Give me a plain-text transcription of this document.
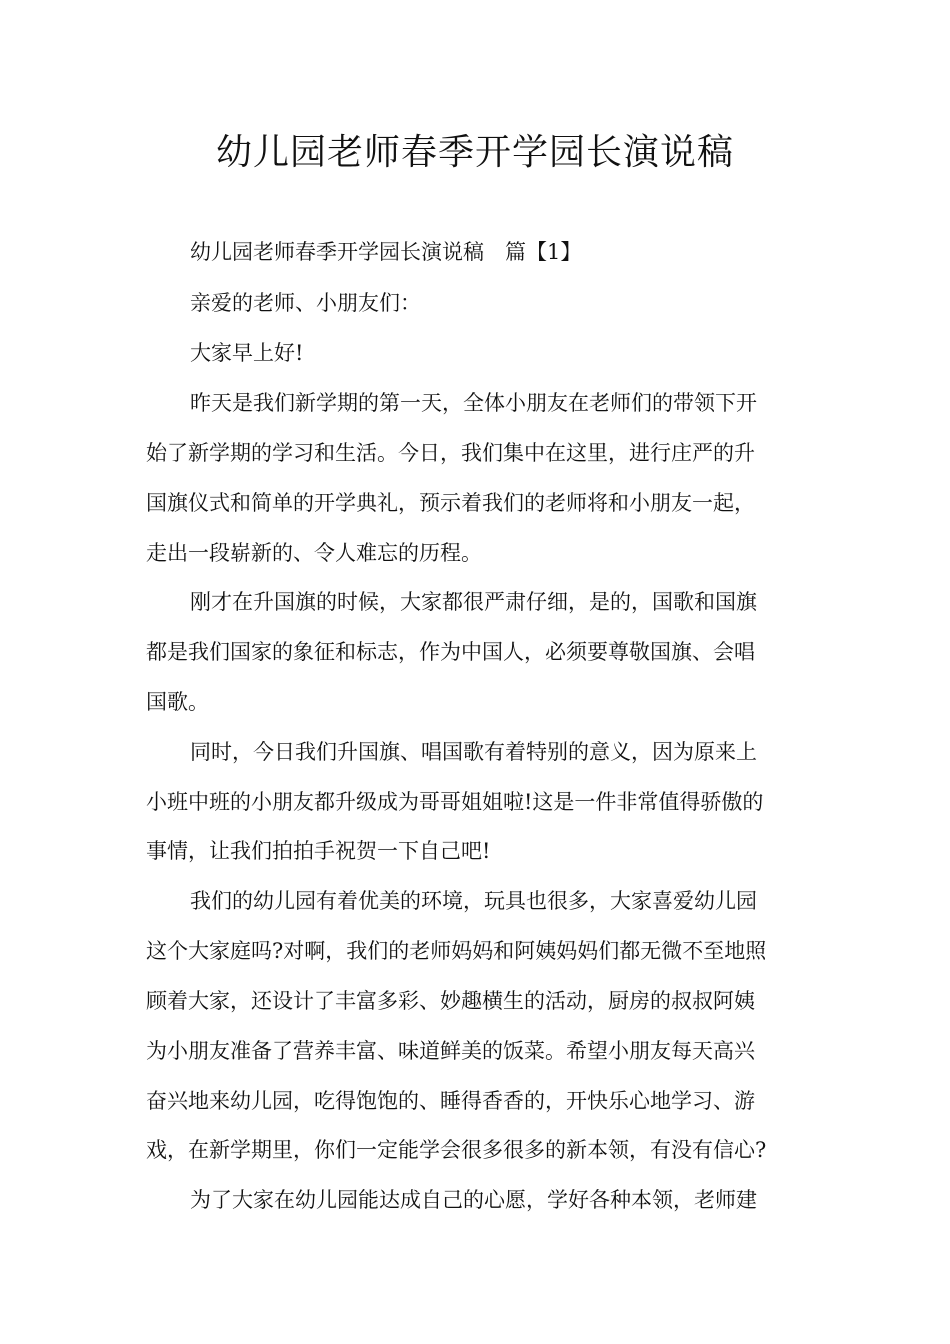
幼儿园老师春季开学园长演说稿

幼儿园老师春季开学园长演说稿　篇【1】

亲爱的老师、小朋友们：

大家早上好!

昨天是我们新学期的第一天，全体小朋友在老师们的带领下开

始了新学期的学习和生活。今日，我们集中在这里，进行庄严的升

国旗仪式和简单的开学典礼，预示着我们的老师将和小朋友一起，

走出一段崭新的、令人难忘的历程。

刚才在升国旗的时候，大家都很严肃仔细，是的，国歌和国旗

都是我们国家的象征和标志，作为中国人，必须要尊敬国旗、会唱

国歌。

同时，今日我们升国旗、唱国歌有着特别的意义，因为原来上

小班中班的小朋友都升级成为哥哥姐姐啦!这是一件非常值得骄傲的

事情，让我们拍拍手祝贺一下自己吧!

我们的幼儿园有着优美的环境，玩具也很多，大家喜爱幼儿园

这个大家庭吗?对啊，我们的老师妈妈和阿姨妈妈们都无微不至地照

顾着大家，还设计了丰富多彩、妙趣横生的活动，厨房的叔叔阿姨

为小朋友准备了营养丰富、味道鲜美的饭菜。希望小朋友每天高兴

奋兴地来幼儿园，吃得饱饱的、睡得香香的，开快乐心地学习、游

戏，在新学期里，你们一定能学会很多很多的新本领，有没有信心?

为了大家在幼儿园能达成自己的心愿，学好各种本领，老师建
